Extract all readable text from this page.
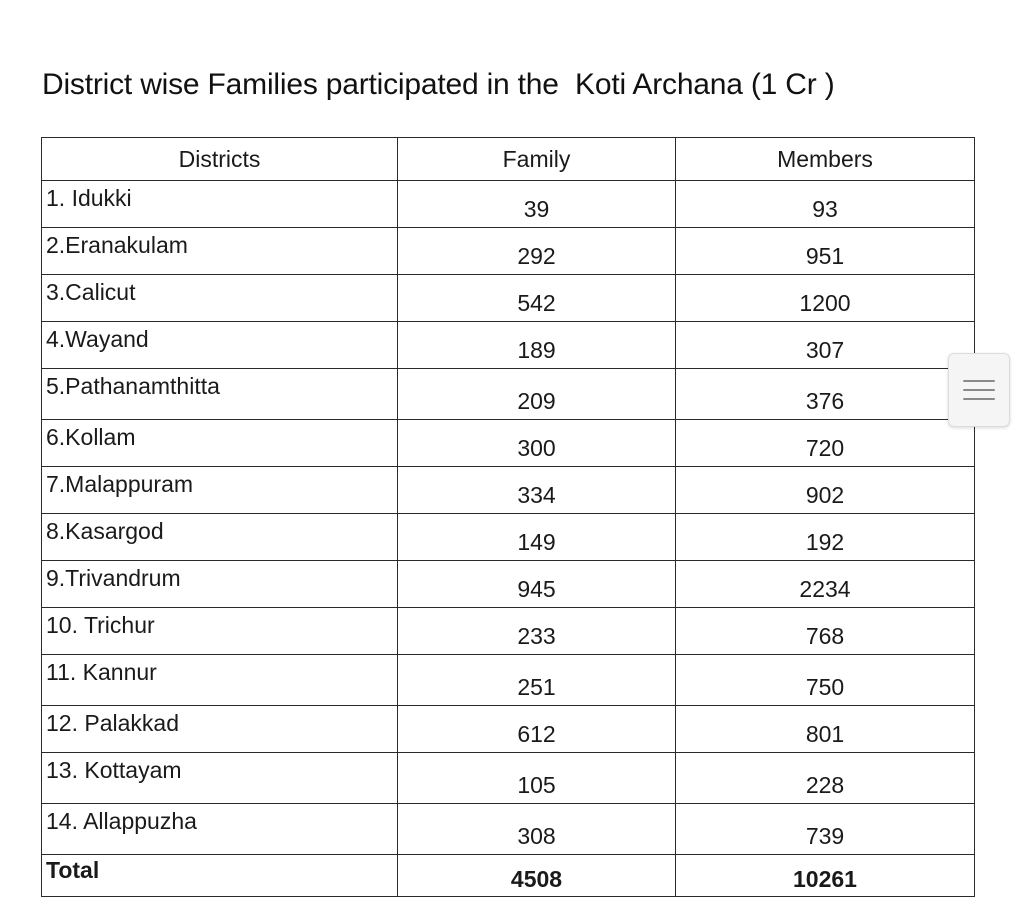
District wise Families participated in the  Koti Archana (1 Cr )
Districts	Family	Members
1. Idukki	39	93
2.Eranakulam	292	951
3.Calicut	542	1200
4.Wayand	189	307
5.Pathanamthitta	209	376
6.Kollam	300	720
7.Malappuram	334	902
8.Kasargod	149	192
9.Trivandrum	945	2234
10. Trichur	233	768
11. Kannur	251	750
12. Palakkad	612	801
13. Kottayam	105	228
14. Allappuzha	308	739
Total	4508	10261
